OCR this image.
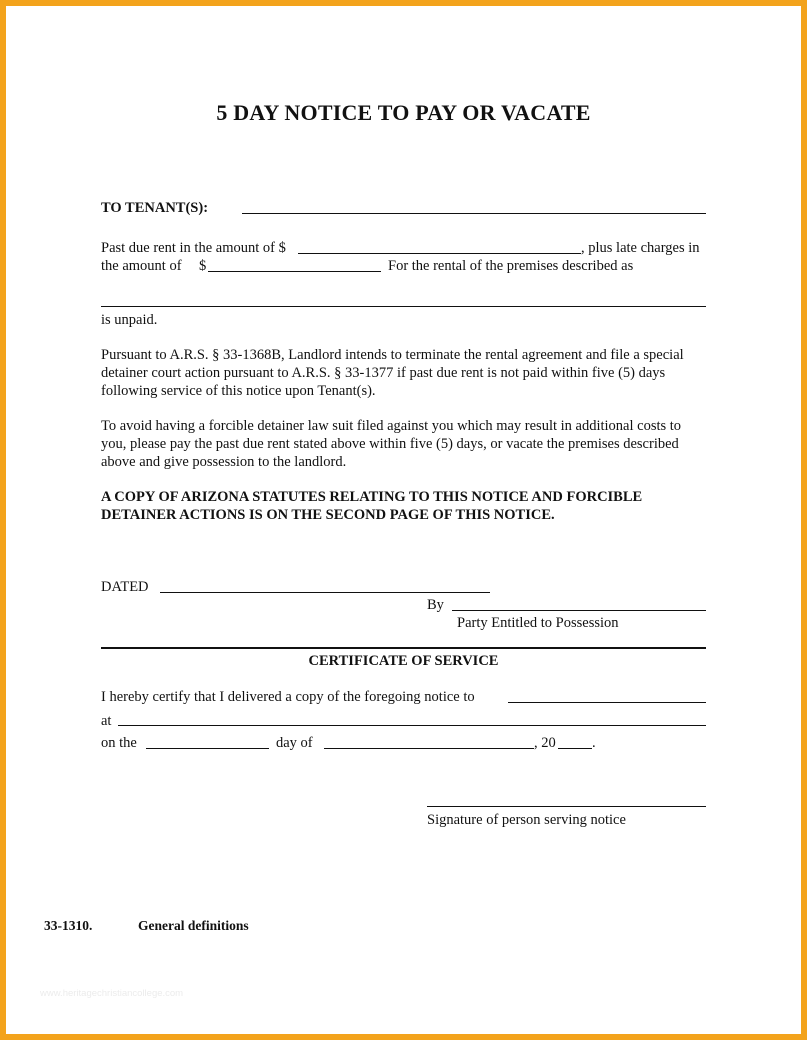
5 DAY NOTICE TO PAY OR VACATE
TO TENANT(S):
Past due rent in the amount of $	, plus late charges in
the amount of $	For the rental of the premises described as
is unpaid.
Pursuant to A.R.S. § 33-1368B, Landlord intends to terminate the rental agreement and file a special detainer court action pursuant to A.R.S. § 33-1377 if past due rent is not paid within five (5) days following service of this notice upon Tenant(s).
To avoid having a forcible detainer law suit filed against you which may result in additional costs to you, please pay the past due rent stated above within five (5) days, or vacate the premises described above and give possession to the landlord.
A COPY OF ARIZONA STATUTES RELATING TO THIS NOTICE AND FORCIBLE DETAINER ACTIONS IS ON THE SECOND PAGE OF THIS NOTICE.
DATED
By
Party Entitled to Possession
CERTIFICATE OF SERVICE
I hereby certify that I delivered a copy of the foregoing notice to
at
on the	day of	, 20	.
Signature of person serving notice
33-1310.	General definitions
www.heritagechristiancollege.com
